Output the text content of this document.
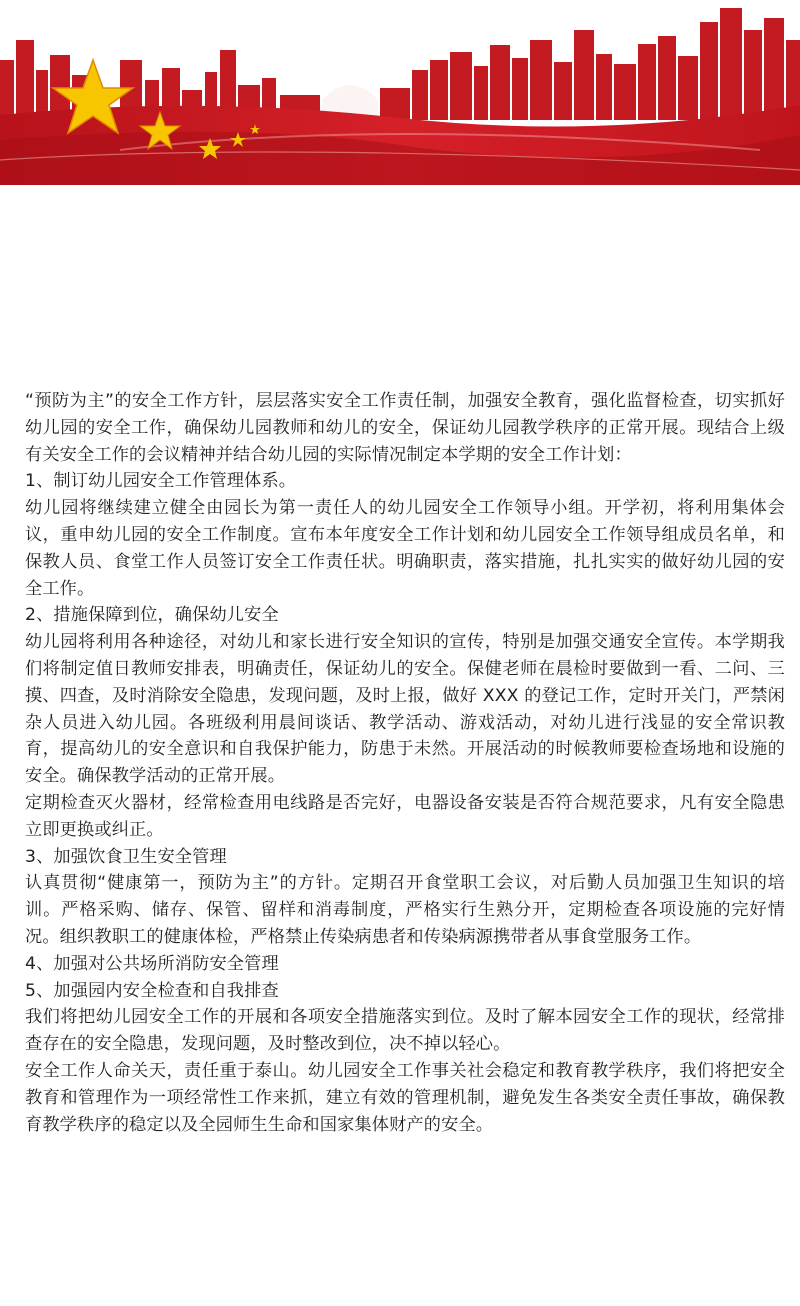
“预防为主”的安全工作方针，层层落实安全工作责任制，加强安全教育，强化监督检查，切实抓好幼儿园的安全工作，确保幼儿园教师和幼儿的安全，保证幼儿园教学秩序的正常开展。现结合上级有关安全工作的会议精神并结合幼儿园的实际情况制定本学期的安全工作计划：

1、制订幼儿园安全工作管理体系。

幼儿园将继续建立健全由园长为第一责任人的幼儿园安全工作领导小组。开学初，将利用集体会议，重申幼儿园的安全工作制度。宣布本年度安全工作计划和幼儿园安全工作领导组成员名单，和保教人员、食堂工作人员签订安全工作责任状。明确职责，落实措施，扎扎实实的做好幼儿园的安全工作。

2、措施保障到位，确保幼儿安全

幼儿园将利用各种途径，对幼儿和家长进行安全知识的宣传，特别是加强交通安全宣传。本学期我们将制定值日教师安排表，明确责任，保证幼儿的安全。保健老师在晨检时要做到一看、二问、三摸、四查，及时消除安全隐患，发现问题，及时上报，做好 XXX 的登记工作，定时开关门，严禁闲杂人员进入幼儿园。各班级利用晨间谈话、教学活动、游戏活动，对幼儿进行浅显的安全常识教育，提高幼儿的安全意识和自我保护能力，防患于未然。开展活动的时候教师要检查场地和设施的安全。确保教学活动的正常开展。

定期检查灭火器材，经常检查用电线路是否完好，电器设备安装是否符合规范要求，凡有安全隐患立即更换或纠正。

3、加强饮食卫生安全管理

认真贯彻“健康第一，预防为主”的方针。定期召开食堂职工会议，对后勤人员加强卫生知识的培训。严格采购、储存、保管、留样和消毒制度，严格实行生熟分开，定期检查各项设施的完好情况。组织教职工的健康体检，严格禁止传染病患者和传染病源携带者从事食堂服务工作。

4、加强对公共场所消防安全管理

5、加强园内安全检查和自我排查

我们将把幼儿园安全工作的开展和各项安全措施落实到位。及时了解本园安全工作的现状，经常排查存在的安全隐患，发现问题，及时整改到位，决不掉以轻心。

安全工作人命关天，责任重于泰山。幼儿园安全工作事关社会稳定和教育教学秩序，我们将把安全教育和管理作为一项经常性工作来抓，建立有效的管理机制，避免发生各类安全责任事故，确保教育教学秩序的稳定以及全园师生生命和国家集体财产的安全。
